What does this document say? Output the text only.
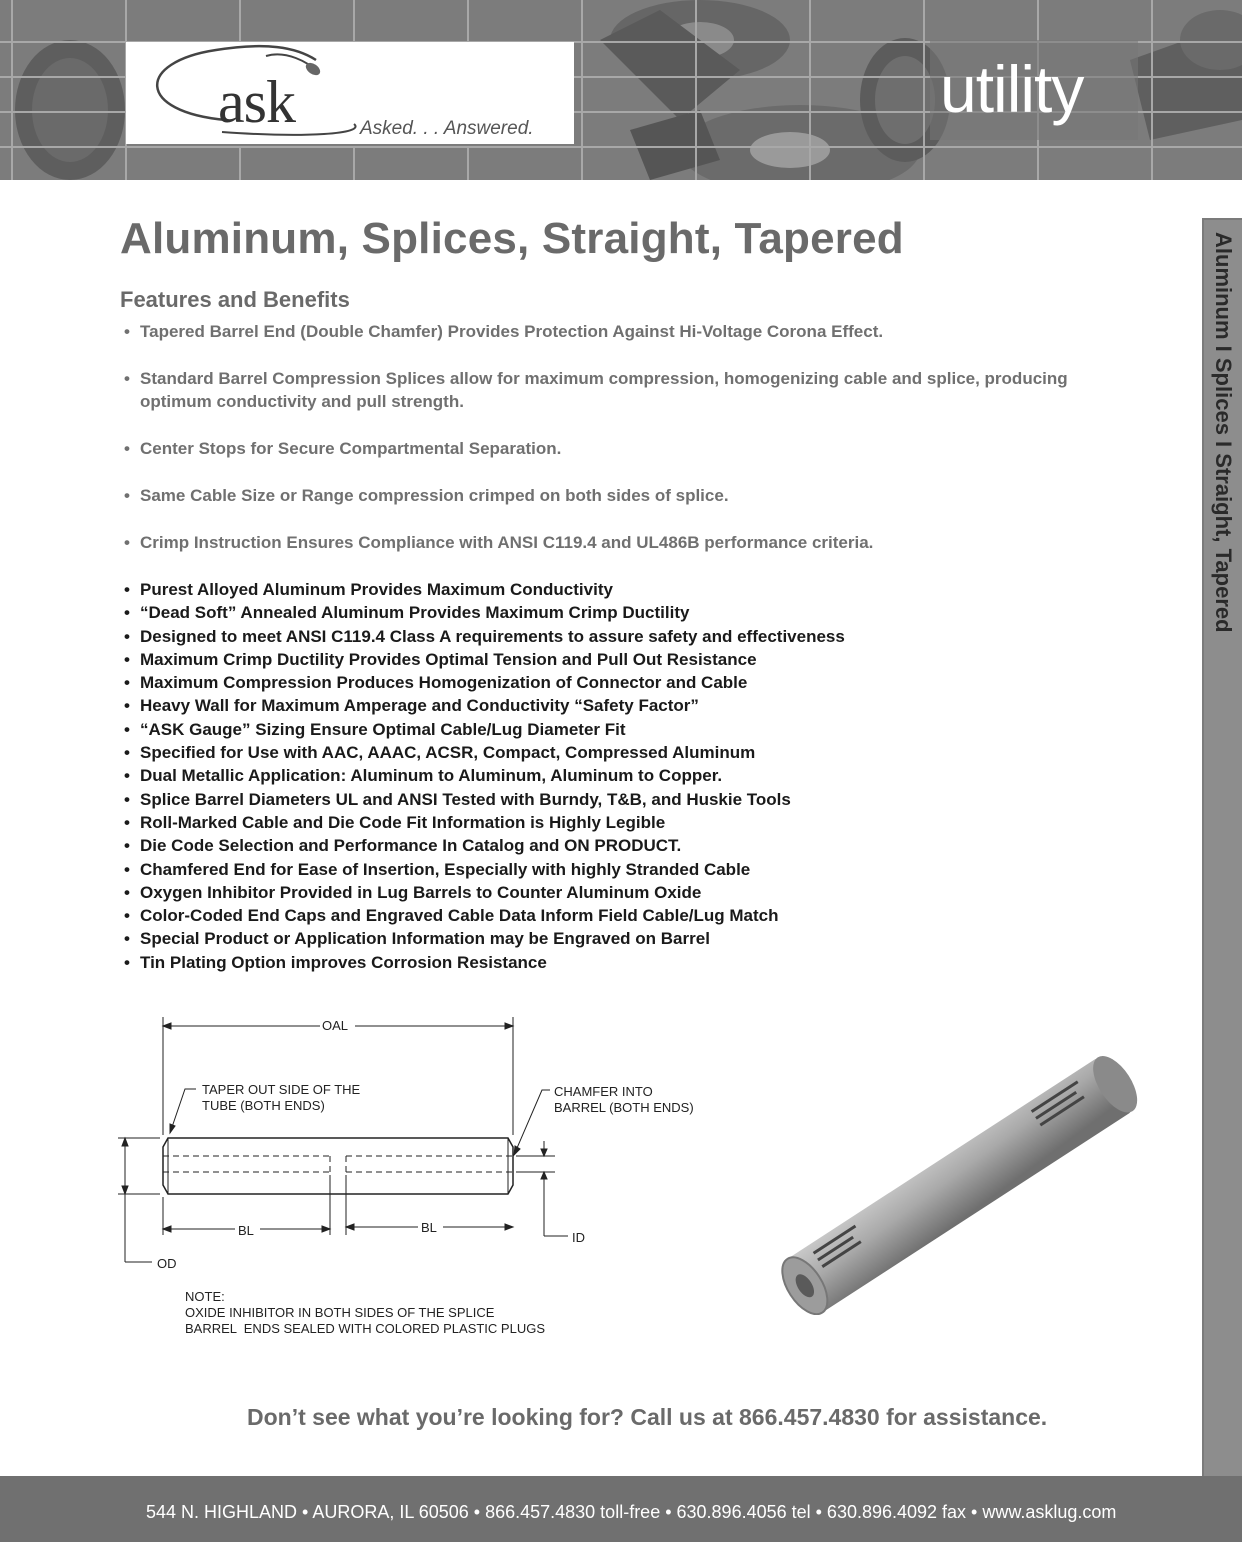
ask	Asked. . . Answered.
utility
Aluminum I Splices I Straight, Tapered
Aluminum, Splices, Straight, Tapered
Features and Benefits
• Tapered Barrel End (Double Chamfer) Provides Protection Against Hi-Voltage Corona Effect.
• Standard Barrel Compression Splices allow for maximum compression, homogenizing cable and splice, producing optimum conductivity and pull strength.
• Center Stops for Secure Compartmental Separation.
• Same Cable Size or Range compression crimped on both sides of splice.
• Crimp Instruction Ensures Compliance with ANSI C119.4 and UL486B performance criteria.
• Purest Alloyed Aluminum Provides Maximum Conductivity
• “Dead Soft” Annealed Aluminum Provides Maximum Crimp Ductility
• Designed to meet ANSI C119.4 Class A requirements to assure safety and effectiveness
• Maximum Crimp Ductility Provides Optimal Tension and Pull Out Resistance
• Maximum Compression Produces Homogenization of Connector and Cable
• Heavy Wall for Maximum Amperage and Conductivity “Safety Factor”
• “ASK Gauge” Sizing Ensure Optimal Cable/Lug Diameter Fit
• Specified for Use with AAC, AAAC, ACSR, Compact, Compressed Aluminum
• Dual Metallic Application: Aluminum to Aluminum, Aluminum to Copper.
• Splice Barrel Diameters UL and ANSI Tested with Burndy, T&B, and Huskie Tools
• Roll-Marked Cable and Die Code Fit Information is Highly Legible
• Die Code Selection and Performance In Catalog and ON PRODUCT.
• Chamfered End for Ease of Insertion, Especially with highly Stranded Cable
• Oxygen Inhibitor Provided in Lug Barrels to Counter Aluminum Oxide
• Color-Coded End Caps and Engraved Cable Data Inform Field Cable/Lug Match
• Special Product or Application Information may be Engraved on Barrel
• Tin Plating Option improves Corrosion Resistance
OAL
TAPER OUT SIDE OF THE
TUBE (BOTH ENDS)
CHAMFER INTO
BARREL (BOTH ENDS)
BL	BL
ID
OD
NOTE:
OXIDE INHIBITOR IN BOTH SIDES OF THE SPLICE
BARREL  ENDS SEALED WITH COLORED PLASTIC PLUGS
Don’t see what you’re looking for? Call us at 866.457.4830 for assistance.
544 N. HIGHLAND • AURORA, IL 60506 • 866.457.4830 toll-free • 630.896.4056 tel • 630.896.4092 fax • www.asklug.com
